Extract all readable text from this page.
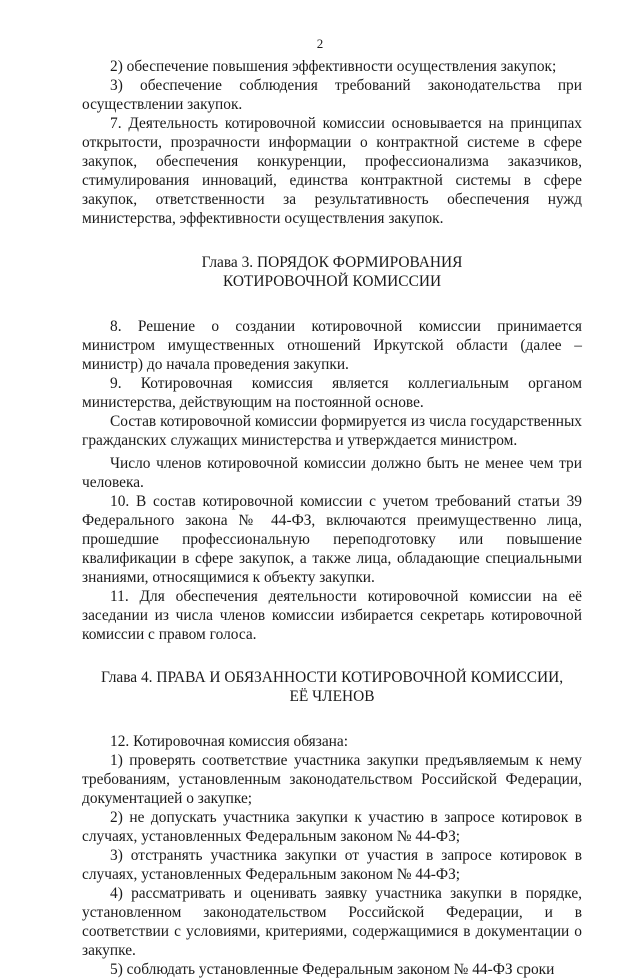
2

2) обеспечение повышения эффективности осуществления закупок;

3) обеспечение соблюдения требований законодательства при осуществлении закупок.

7. Деятельность котировочной комиссии основывается на принципах открытости, прозрачности информации о контрактной системе в сфере закупок, обеспечения конкуренции, профессионализма заказчиков, стимулирования инноваций, единства контрактной системы в сфере закупок, ответственности за результативность обеспечения нужд министерства, эффективности осуществления закупок.

Глава 3. ПОРЯДОК ФОРМИРОВАНИЯ
КОТИРОВОЧНОЙ КОМИССИИ

8. Решение о создании котировочной комиссии принимается министром имущественных отношений Иркутской области (далее – министр) до начала проведения закупки.

9. Котировочная комиссия является коллегиальным органом министерства, действующим на постоянной основе.

Состав котировочной комиссии формируется из числа государственных гражданских служащих министерства и утверждается министром.

Число членов котировочной комиссии должно быть не менее чем три человека.

10. В состав котировочной комиссии с учетом требований статьи 39 Федерального закона № 44-ФЗ, включаются преимущественно лица, прошедшие профессиональную переподготовку или повышение квалификации в сфере закупок, а также лица, обладающие специальными знаниями, относящимися к объекту закупки.

11. Для обеспечения деятельности котировочной комиссии на её заседании из числа членов комиссии избирается секретарь котировочной комиссии с правом голоса.

Глава 4. ПРАВА И ОБЯЗАННОСТИ КОТИРОВОЧНОЙ КОМИССИИ,
ЕЁ ЧЛЕНОВ

12. Котировочная комиссия обязана:

1) проверять соответствие участника закупки предъявляемым к нему требованиям, установленным законодательством Российской Федерации, документацией о закупке;

2) не допускать участника закупки к участию в запросе котировок в случаях, установленных Федеральным законом № 44-ФЗ;

3) отстранять участника закупки от участия в запросе котировок в случаях, установленных Федеральным законом № 44-ФЗ;

4) рассматривать и оценивать заявку участника закупки в порядке, установленном законодательством Российской Федерации, и в соответствии с условиями, критериями, содержащимися в документации о закупке.

5) соблюдать установленные Федеральным законом № 44-ФЗ сроки
